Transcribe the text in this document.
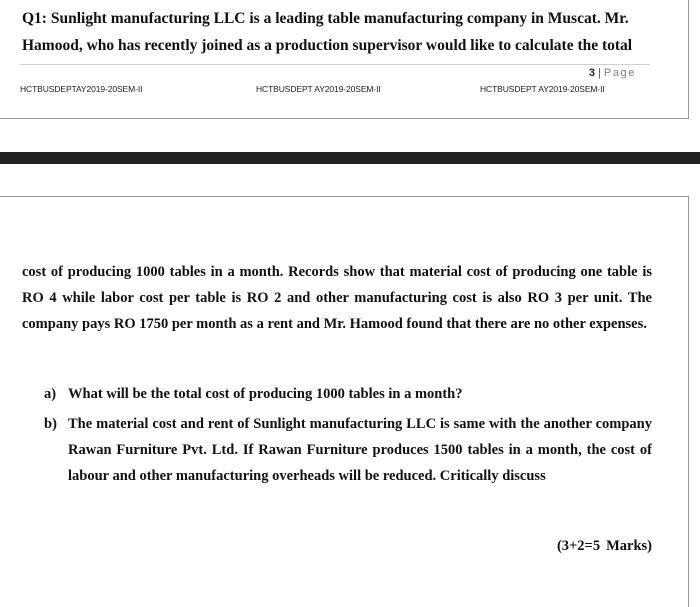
Q1: Sunlight manufacturing LLC is a leading table manufacturing company in Muscat. Mr.
Hamood, who has recently joined as a production supervisor would like to calculate the total
3 | Page
HCTBUSDEPTAY2019-20SEM-II	HCTBUSDEPT AY2019-20SEM-II	HCTBUSDEPT AY2019-20SEM-II
cost of producing 1000 tables in a month. Records show that material cost of producing one table is RO 4 while labor cost per table is RO 2 and other manufacturing cost is also RO 3 per unit. The company pays RO 1750 per month as a rent and Mr. Hamood found that there are no other expenses.
a) What will be the total cost of producing 1000 tables in a month?
b) The material cost and rent of Sunlight manufacturing LLC is same with the another company Rawan Furniture Pvt. Ltd. If Rawan Furniture produces 1500 tables in a month, the cost of labour and other manufacturing overheads will be reduced. Critically discuss
(3+2=5 Marks)
